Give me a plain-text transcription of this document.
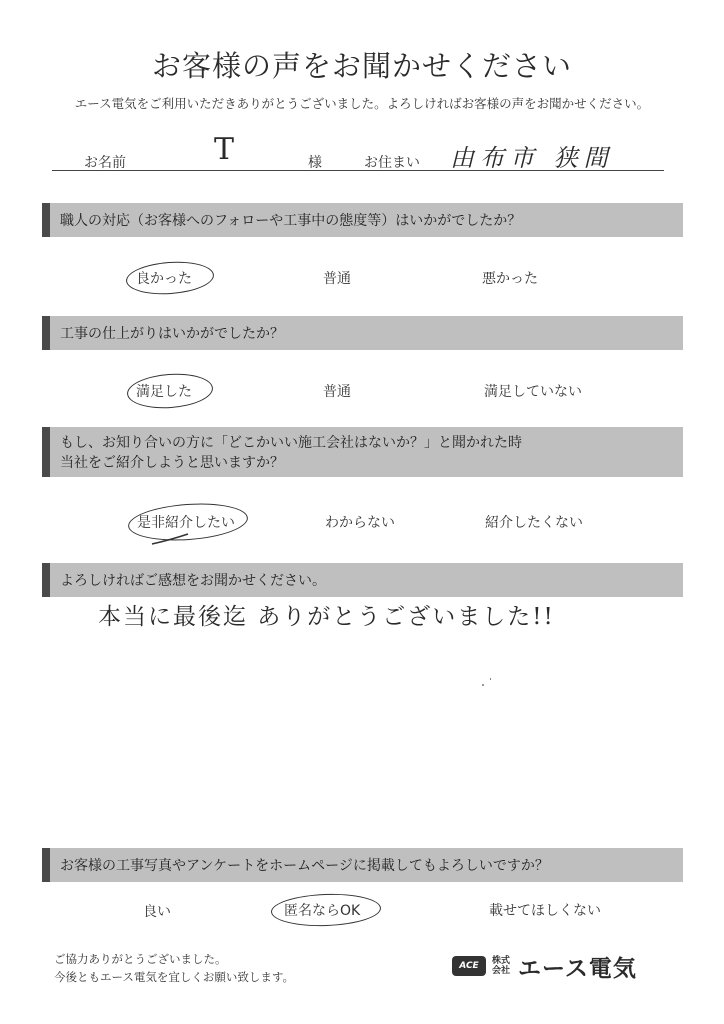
お客様の声をお聞かせください
エース電気をご利用いただきありがとうございました。よろしければお客様の声をお聞かせください。
お名前	T	様	お住まい 由布市 狭間
職人の対応（お客様へのフォローや工事中の態度等）はいかがでしたか？
良かった	普通	悪かった
工事の仕上がりはいかがでしたか？
満足した	普通	満足していない
もし、お知り合いの方に「どこかいい施工会社はないか？」と聞かれた時
当社をご紹介しようと思いますか？
是非紹介したい	わからない	紹介したくない
よろしければご感想をお聞かせください。
本当に最後迄 ありがとうございました!!
お客様の工事写真やアンケートをホームページに掲載してもよろしいですか？
良い	匿名ならOK	載せてほしくない
ご協力ありがとうございました。
今後ともエース電気を宜しくお願い致します。
ACE	株式
会社 エース電気
